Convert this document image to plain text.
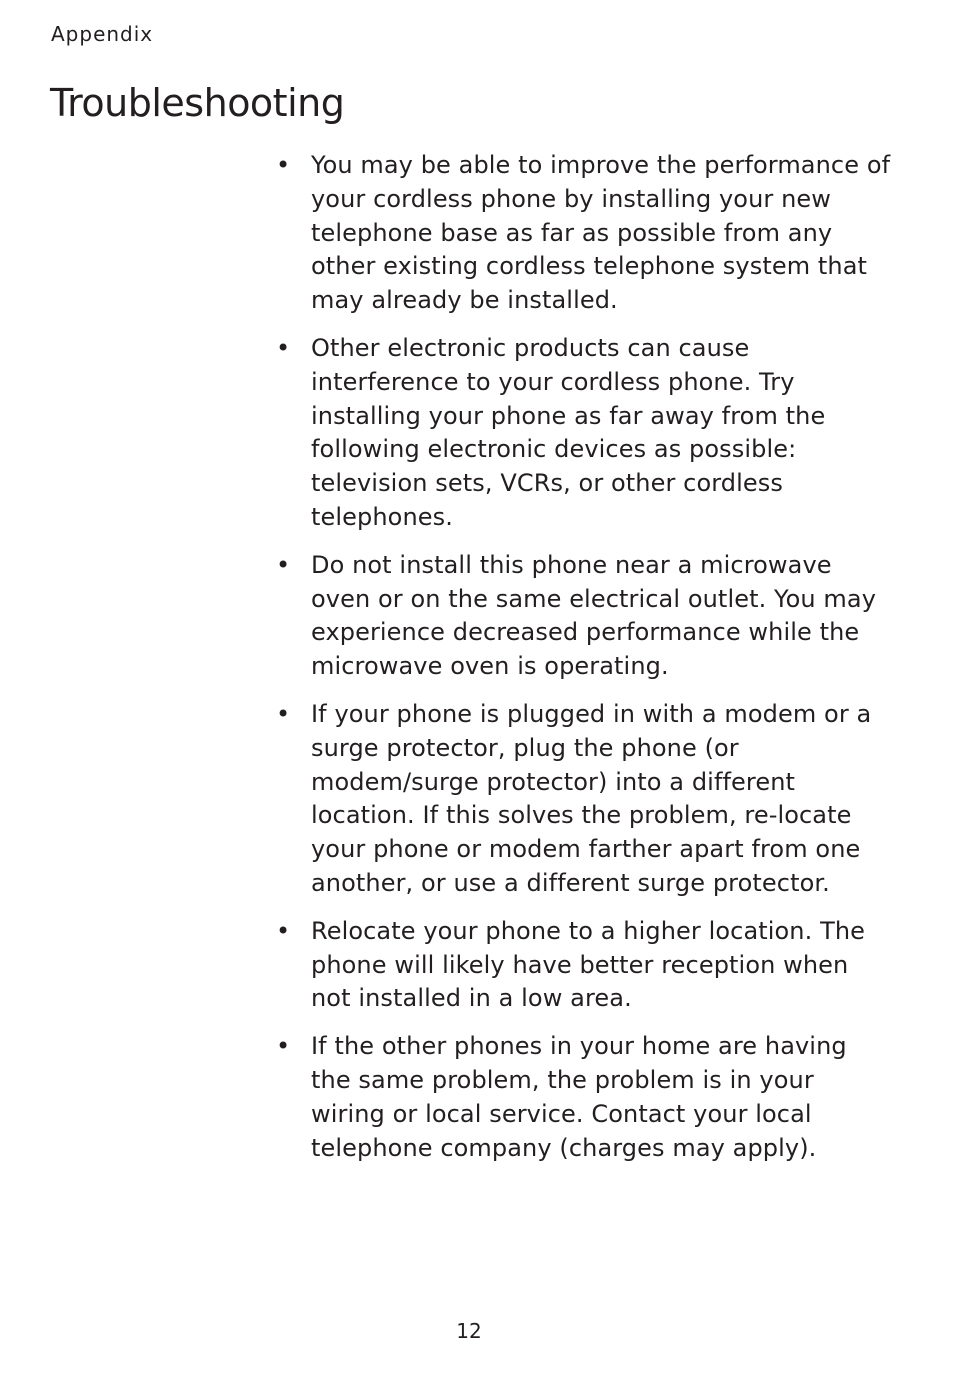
Appendix
Troubleshooting
• You may be able to improve the performance of your cordless phone by installing your new telephone base as far as possible from any other existing cordless telephone system that may already be installed.
• Other electronic products can cause interference to your cordless phone. Try installing your phone as far away from the following electronic devices as possible: television sets, VCRs, or other cordless telephones.
• Do not install this phone near a microwave oven or on the same electrical outlet. You may experience decreased performance while the microwave oven is operating.
• If your phone is plugged in with a modem or a surge protector, plug the phone (or modem/surge protector) into a different location. If this solves the problem, re-locate your phone or modem farther apart from one another, or use a different surge protector.
• Relocate your phone to a higher location. The phone will likely have better reception when not installed in a low area.
• If the other phones in your home are having the same problem, the problem is in your wiring or local service. Contact your local telephone company (charges may apply).
12
